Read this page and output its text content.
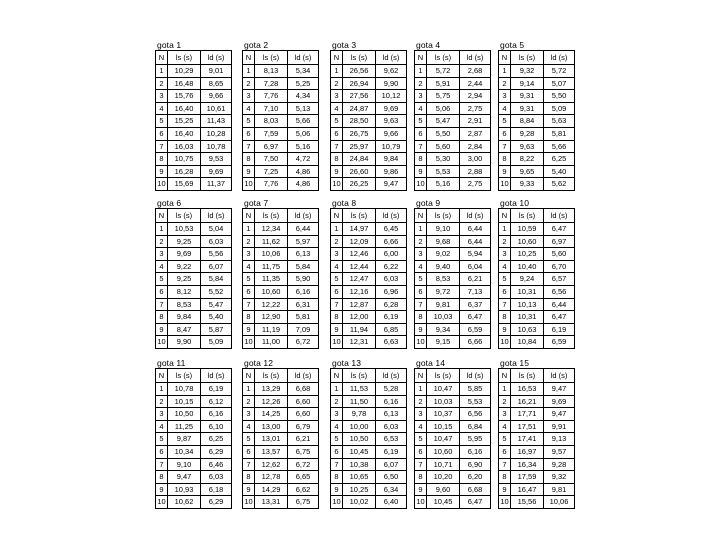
gota 1
N	ls (s)	ld (s)
1	10,29	9,01
2	16,48	8,65
3	15,76	9,66
4	16,40	10,61
5	15,25	11,43
6	16,40	10,28
7	16,03	10,78
8	10,75	9,53
9	16,28	9,69
10	15,69	11,37
gota 2
N	ls (s)	ld (s)
1	8,13	5,34
2	7,28	5,25
3	7,76	4,34
4	7,10	5,13
5	8,03	5,66
6	7,59	5,06
7	6,97	5,16
8	7,50	4,72
9	7,25	4,86
10	7,76	4,86
gota 3
N	ls (s)	ld (s)
1	26,56	9,62
2	26,94	9,90
3	27,56	10,12
4	24,87	9,69
5	28,50	9,63
6	26,75	9,66
7	25,97	10,79
8	24,84	9,84
9	26,60	9,86
10	26,25	9,47
gota 4
N	ls (s)	ld (s)
1	5,72	2,68
2	5,91	2,44
3	5,75	2,94
4	5,06	2,75
5	5,47	2,91
6	5,50	2,87
7	5,60	2,84
8	5,30	3,00
9	5,53	2,88
10	5,16	2,75
gota 5
N	ls (s)	ld (s)
1	9,32	5,72
2	9,14	5,07
3	9,31	5,50
4	9,31	5,09
5	8,84	5,63
6	9,28	5,81
7	9,63	5,66
8	8,22	6,25
9	9,65	5,40
10	9,33	5,62
gota 6
N	ls (s)	ld (s)
1	10,53	5,04
2	9,25	6,03
3	9,69	5,56
4	9,22	6,07
5	9,25	5,84
6	8,12	5,52
7	8,53	5,47
8	9,84	5,40
9	8,47	5,87
10	9,90	5,09
gota 7
N	ls (s)	ld (s)
1	12,34	6,44
2	11,62	5,97
3	10,06	6,13
4	11,75	5,84
5	11,35	5,90
6	10,60	6,16
7	12,22	6,31
8	12,90	5,81
9	11,19	7,09
10	11,00	6,72
gota 8
N	ls (s)	ld (s)
1	14,97	6,45
2	12,09	6,66
3	12,46	6,00
4	12,44	6,22
5	12,47	6,03
6	12,16	6,96
7	12,87	6,28
8	12,00	6,19
9	11,94	6,85
10	12,31	6,63
gota 9
N	ls (s)	ld (s)
1	9,10	6,44
2	9,68	6,44
3	9,02	5,94
4	9,40	6,04
5	8,53	6,21
6	9,72	7,13
7	9,81	6,37
8	10,03	6,47
9	9,34	6,59
10	9,15	6,66
gota 10
N	ls (s)	ld (s)
1	10,59	6,47
2	10,60	6,97
3	10,25	5,60
4	10,40	6,70
5	9,24	6,57
6	10,31	6,56
7	10,13	6,44
8	10,31	6,47
9	10,63	6,19
10	10,84	6,59
gota 11
N	ls (s)	ld (s)
1	10,78	6,19
2	10,15	6,12
3	10,50	6,16
4	11,25	6,10
5	9,87	6,25
6	10,34	6,29
7	9,10	6,46
8	9,47	6,03
9	10,93	6,18
10	10,62	6,29
gota 12
N	ls (s)	ld (s)
1	13,29	6,68
2	12,26	6,60
3	14,25	6,60
4	13,00	6,79
5	13,01	6,21
6	13,57	6,75
7	12,62	6,72
8	12,78	6,65
9	14,29	6,62
10	13,31	6,75
gota 13
N	ls (s)	ld (s)
1	11,53	5,28
2	11,50	6,16
3	9,78	6,13
4	10,00	6,03
5	10,50	6,53
6	10,45	6,19
7	10,38	6,07
8	10,65	6,50
9	10,25	6,34
10	10,02	6,40
gota 14
N	ls (s)	ld (s)
1	10,47	5,85
2	10,03	5,53
3	10,37	6,56
4	10,15	6,84
5	10,47	5,95
6	10,60	6,16
7	10,71	6,90
8	10,20	6,20
9	9,60	6,68
10	10,45	6,47
gota 15
N	ls (s)	ld (s)
1	16,53	9,47
2	16,21	9,69
3	17,71	9,47
4	17,51	9,91
5	17,41	9,13
6	16,97	9,57
7	16,34	9,28
8	17,59	9,32
9	16,47	9,81
10	15,56	10,06
